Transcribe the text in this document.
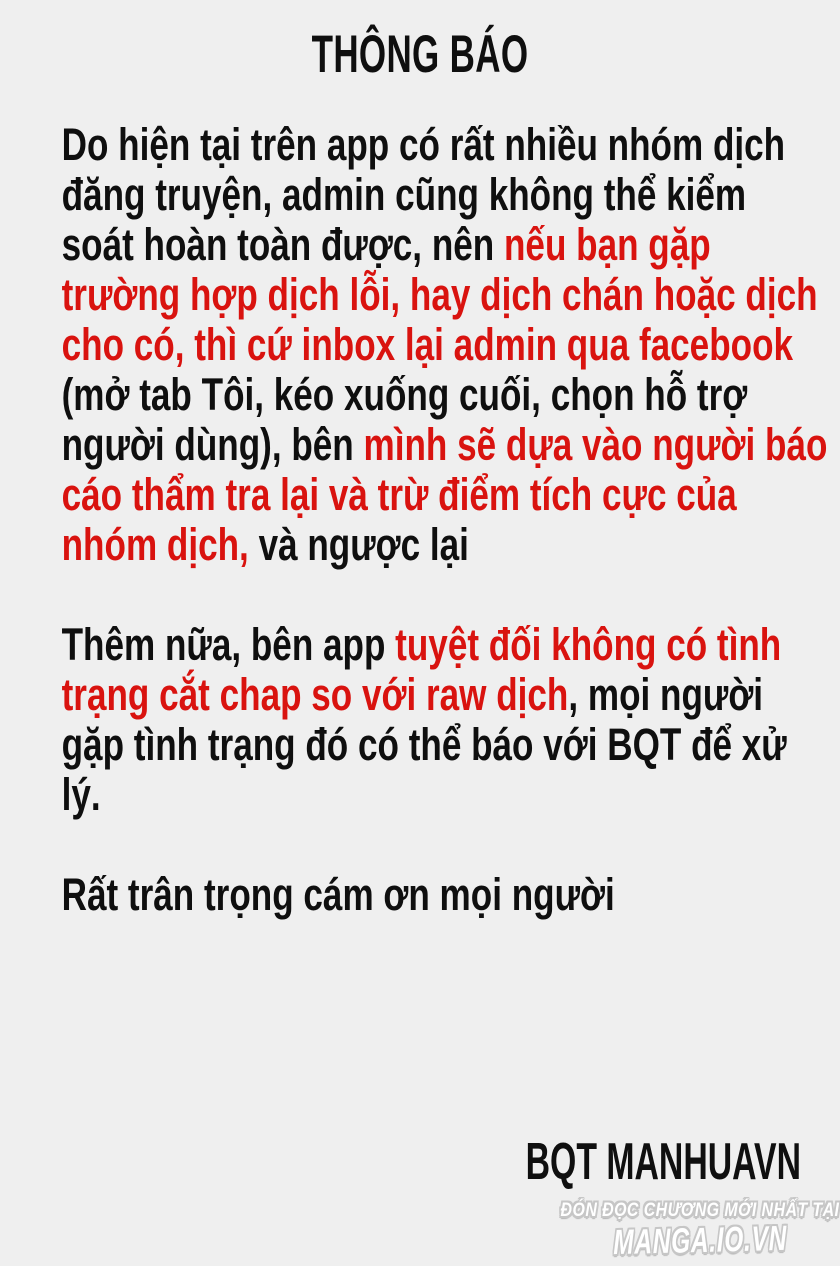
THÔNG BÁO

Do hiện tại trên app có rất nhiều nhóm dịch
đăng truyện, admin cũng không thể kiểm
soát hoàn toàn được, nên nếu bạn gặp
trường hợp dịch lỗi, hay dịch chán hoặc dịch
cho có, thì cứ inbox lại admin qua facebook
(mở tab Tôi, kéo xuống cuối, chọn hỗ trợ
người dùng), bên mình sẽ dựa vào người báo
cáo thẩm tra lại và trừ điểm tích cực của
nhóm dịch, và ngược lại

Thêm nữa, bên app tuyệt đối không có tình
trạng cắt chap so với raw dịch, mọi người
gặp tình trạng đó có thể báo với BQT để xử
lý.

Rất trân trọng cám ơn mọi người

BQT MANHUAVN
ĐÓN ĐỌC CHƯƠNG MỚI NHẤT TẠI
MANGA.IO.VN
